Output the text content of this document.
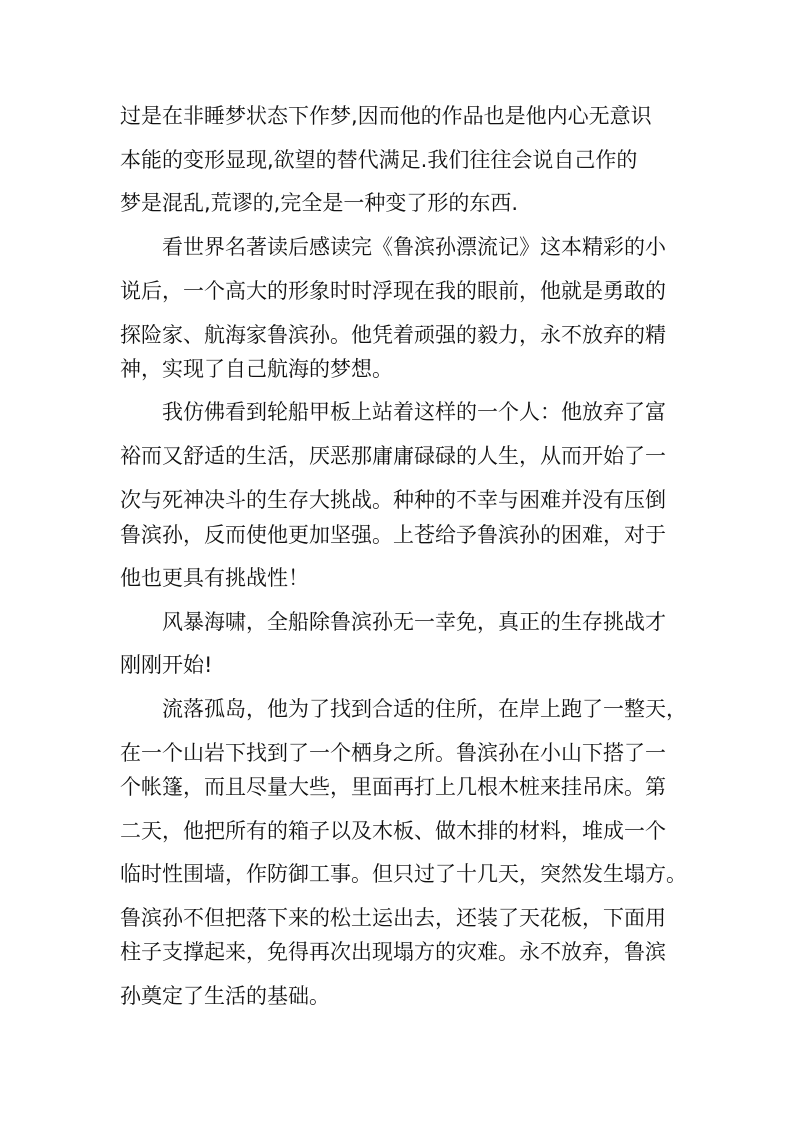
过是在非睡梦状态下作梦,因而他的作品也是他内心无意识
本能的变形显现,欲望的替代满足.我们往往会说自己作的
梦是混乱,荒谬的,完全是一种变了形的东西.
看世界名著读后感读完《鲁滨孙漂流记》这本精彩的小
说后，一个高大的形象时时浮现在我的眼前，他就是勇敢的
探险家、航海家鲁滨孙。他凭着顽强的毅力，永不放弃的精
神，实现了自己航海的梦想。
我仿佛看到轮船甲板上站着这样的一个人：他放弃了富
裕而又舒适的生活，厌恶那庸庸碌碌的人生，从而开始了一
次与死神决斗的生存大挑战。种种的不幸与困难并没有压倒
鲁滨孙，反而使他更加坚强。上苍给予鲁滨孙的困难，对于
他也更具有挑战性！
风暴海啸，全船除鲁滨孙无一幸免，真正的生存挑战才
刚刚开始!
流落孤岛，他为了找到合适的住所，在岸上跑了一整天，
在一个山岩下找到了一个栖身之所。鲁滨孙在小山下搭了一
个帐篷，而且尽量大些，里面再打上几根木桩来挂吊床。第
二天，他把所有的箱子以及木板、做木排的材料，堆成一个
临时性围墙，作防御工事。但只过了十几天，突然发生塌方。
鲁滨孙不但把落下来的松土运出去，还装了天花板，下面用
柱子支撑起来，免得再次出现塌方的灾难。永不放弃，鲁滨
孙奠定了生活的基础。
